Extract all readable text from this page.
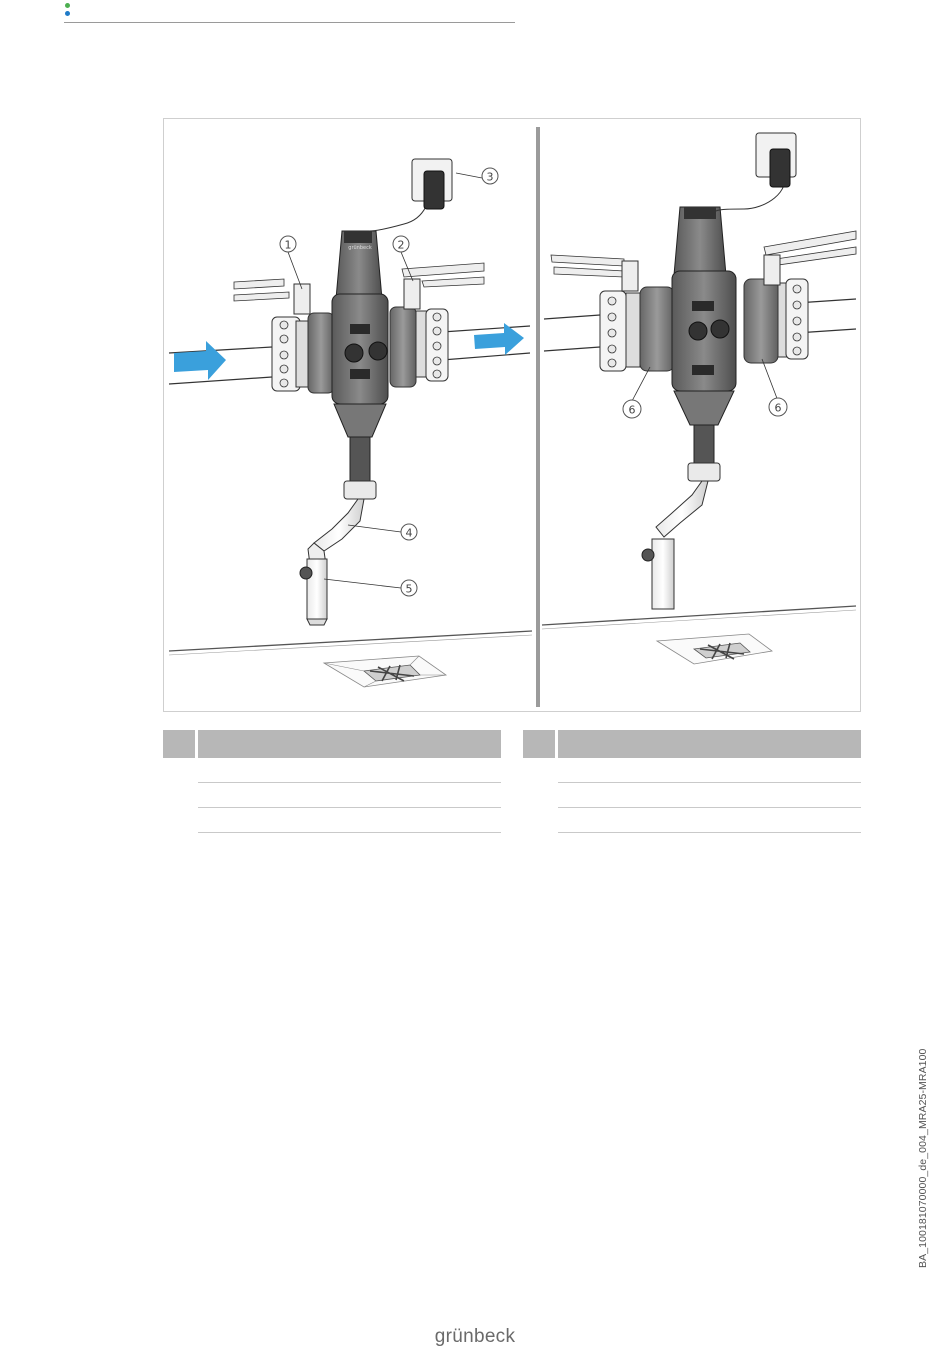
grünbeck
1	2
3
4
5
6	6
BA_100181070000_de_004_MRA25-MRA100
grünbeck
